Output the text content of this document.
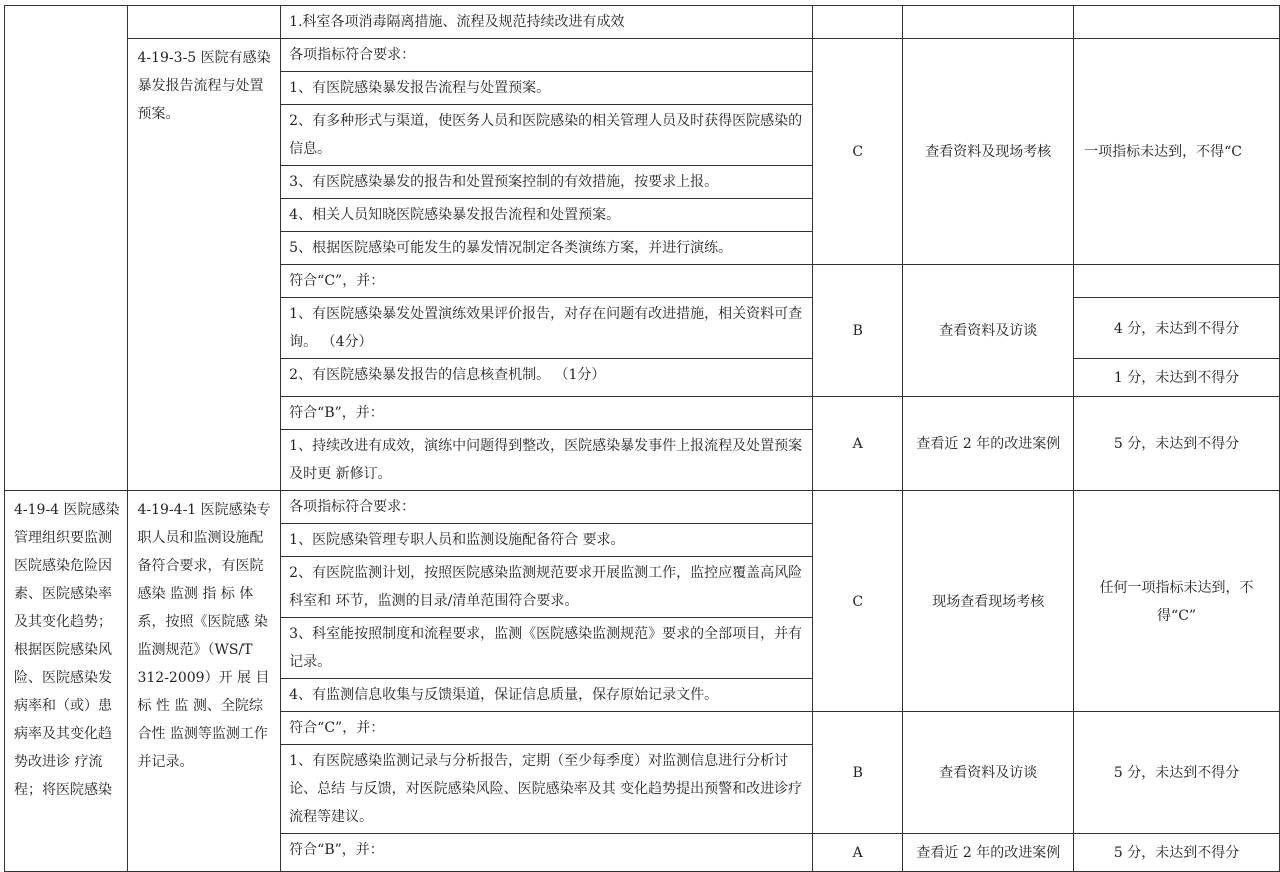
		1.科室各项消毒隔离措施、流程及规范持续改进有成效			
	4-19-3-5 医院有感染暴发报告流程与处置预案。	各项指标符合要求：	C	查看资料及现场考核	一项指标未达到，不得“C
		1、有医院感染暴发报告流程与处置预案。			
		2、有多种形式与渠道，使医务人员和医院感染的相关管理人员及时获得医院感染的信息。			
		3、有医院感染暴发的报告和处置预案控制的有效措施，按要求上报。			
		4、相关人员知晓医院感染暴发报告流程和处置预案。			
		5、根据医院感染可能发生的暴发情况制定各类演练方案，并进行演练。			
		符合“C”，并：	B	查看资料及访谈	
		1、有医院感染暴发处置演练效果评价报告，对存在问题有改进措施，相关资料可查询。 （4分）			4 分，未达到不得分
		2、有医院感染暴发报告的信息核查机制。 （1分）			1 分，未达到不得分
		符合“B”，并：	A	查看近 2 年的改进案例	5 分，未达到不得分
		1、持续改进有成效，演练中问题得到整改，医院感染暴发事件上报流程及处置预案及时更 新修订。			
4-19-4 医院感染管理组织要监测医院感染危险因素、医院感染率及其变化趋势；根据医院感染风险、医院感染发病率和（或）患病率及其变化趋势改进诊 疗流程；将医院感染	4-19-4-1 医院感染专职人员和监测设施配备符合要求，有医院感染 监测 指 标 体 系，按照《医院感 染监测规范》（WS/T 312-2009）开 展 目 标 性 监 测、全院综合性 监测等监测工作 并记录。	各项指标符合要求：	C	现场查看现场考核	任何一项指标未达到，不得“C”
		1、医院感染管理专职人员和监测设施配备符合 要求。			
		2、有医院监测计划，按照医院感染监测规范要求开展监测工作，监控应覆盖高风险科室和 环节，监测的目录/清单范围符合要求。			
		3、科室能按照制度和流程要求，监测《医院感染监测规范》要求的全部项目，并有记录。			
		4、有监测信息收集与反馈渠道，保证信息质量，保存原始记录文件。			
		符合“C”，并：	B	查看资料及访谈	5 分，未达到不得分
		1、有医院感染监测记录与分析报告，定期（至少每季度）对监测信息进行分析讨论、总结 与反馈，对医院感染风险、医院感染率及其 变化趋势提出预警和改进诊疗流程等建议。			
		符合“B”，并：	A	查看近 2 年的改进案例	5 分，未达到不得分
